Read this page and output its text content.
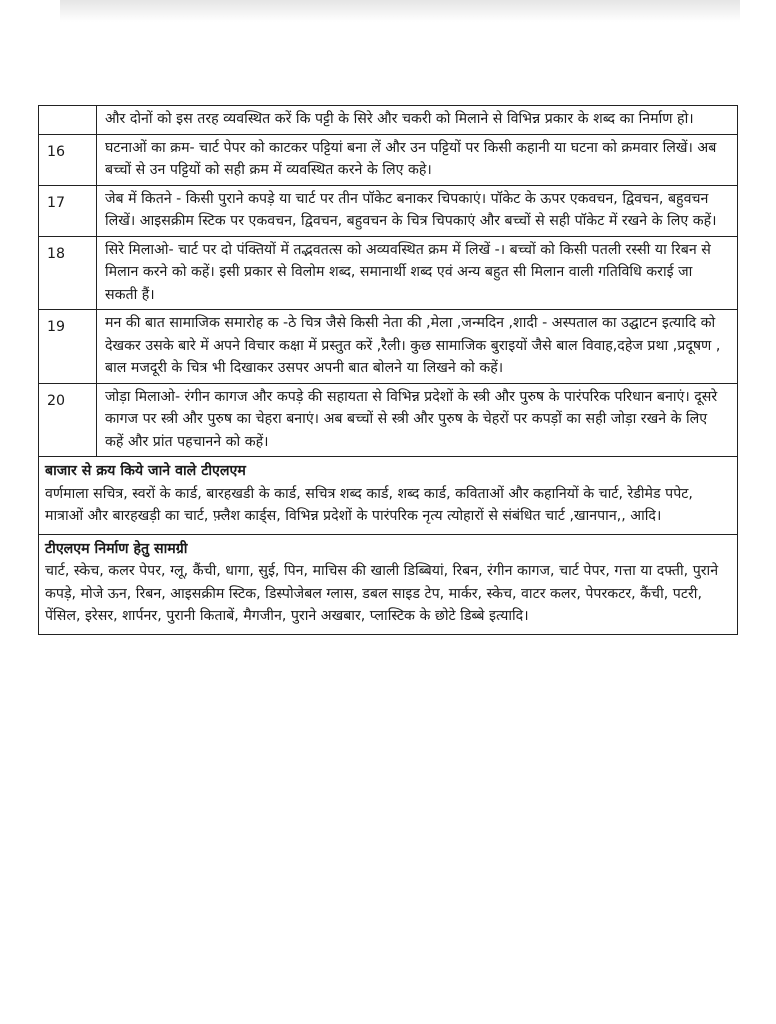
	और दोनों को इस तरह व्यवस्थित करें कि पट्टी के सिरे और चकरी को मिलाने से विभिन्न प्रकार के शब्द का निर्माण हो।
16	घटनाओं का क्रम- चार्ट पेपर को काटकर पट्टियां बना लें और उन पट्टियों पर किसी कहानी या घटना को क्रमवार लिखें। अब बच्चों से उन पट्टियों को सही क्रम में व्यवस्थित करने के लिए कहे।
17	जेब में कितने - किसी पुराने कपड़े या चार्ट पर तीन पॉकेट बनाकर चिपकाएं। पॉकेट के ऊपर एकवचन, द्विवचन, बहुवचन लिखें। आइसक्रीम स्टिक पर एकवचन, द्विवचन, बहुवचन के चित्र चिपकाएं और बच्चों से सही पॉकेट में रखने के लिए कहें।
18	सिरे मिलाओ- चार्ट पर दो पंक्तियों में तद्भवतत्स को अव्यवस्थित क्रम में लिखें -। बच्चों को किसी पतली रस्सी या रिबन से मिलान करने को कहें। इसी प्रकार से विलोम शब्द, समानार्थी शब्द एवं अन्य बहुत सी मिलान वाली गतिविधि कराई जा सकती हैं।
19	मन की बात सामाजिक समारोह क -ठे चित्र जैसे किसी नेता की ,मेला ,जन्मदिन ,शादी - अस्पताल का उद्घाटन इत्यादि को देखकर उसके बारे में अपने विचार कक्षा में प्रस्तुत करें ,रैली। कुछ सामाजिक बुराइयों जैसे बाल विवाह,दहेज प्रथा ,प्रदूषण , बाल मजदूरी के चित्र भी दिखाकर उसपर अपनी बात बोलने या लिखने को कहें।
20	जोड़ा मिलाओ- रंगीन कागज और कपड़े की सहायता से विभिन्न प्रदेशों के स्त्री और पुरुष के पारंपरिक परिधान बनाएं। दूसरे कागज पर स्त्री और पुरुष का चेहरा बनाएं। अब बच्चों से स्त्री और पुरुष के चेहरों पर कपड़ों का सही जोड़ा रखने के लिए कहें और प्रांत पहचानने को कहें।

बाजार से क्रय किये जाने वाले टीएलएम
वर्णमाला सचित्र, स्वरों के कार्ड, बारहखडी के कार्ड, सचित्र शब्द कार्ड, शब्द कार्ड, कविताओं और कहानियों के चार्ट, रेडीमेड पपेट, मात्राओं और बारहखड़ी का चार्ट, फ़्लैश कार्ड्स, विभिन्न प्रदेशों के पारंपरिक नृत्य त्योहारों से संबंधित चार्ट ,खानपान,, आदि।	

टीएलएम निर्माण हेतु सामग्री
चार्ट, स्केच, कलर पेपर, ग्लू, कैंची, धागा, सुई, पिन, माचिस की खाली डिब्बियां, रिबन, रंगीन कागज, चार्ट पेपर, गत्ता या दफ्ती, पुराने कपड़े, मोजे ऊन, रिबन, आइसक्रीम स्टिक, डिस्पोजेबल ग्लास, डबल साइड टेप, मार्कर, स्केच, वाटर कलर, पेपरकटर, कैंची, पटरी, पेंसिल, इरेसर, शार्पनर, पुरानी किताबें, मैगजीन, पुराने अखबार, प्लास्टिक के छोटे डिब्बे इत्यादि।	
